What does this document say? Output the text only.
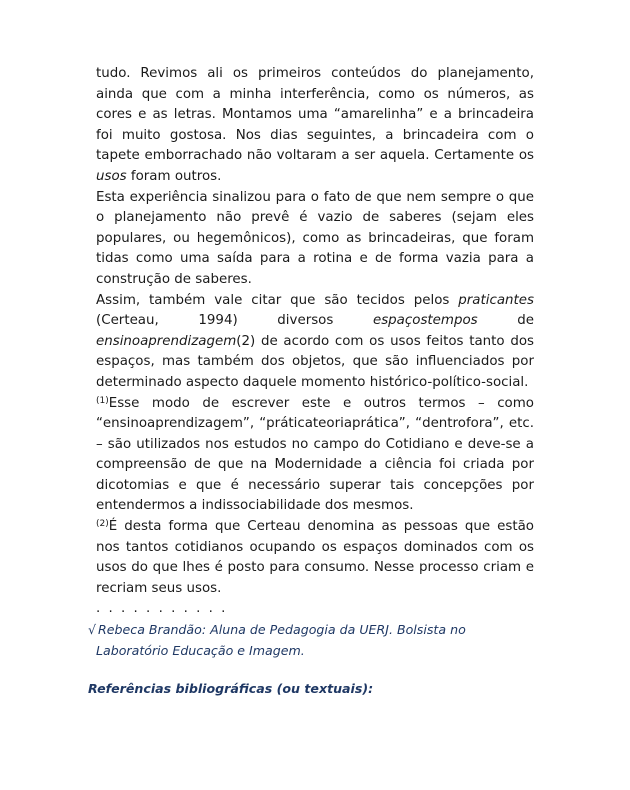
tudo. Revimos ali os primeiros conteúdos do planejamento, ainda que com a minha interferência, como os números, as cores e as letras. Montamos uma “amarelinha” e a brincadeira foi muito gostosa. Nos dias seguintes, a brincadeira com o tapete emborrachado não voltaram a ser aquela. Certamente os usos foram outros.

Esta experiência sinalizou para o fato de que nem sempre o que o planejamento não prevê é vazio de saberes (sejam eles populares, ou hegemônicos), como as brincadeiras, que foram tidas como uma saída para a rotina e de forma vazia para a construção de saberes.

Assim, também vale citar que são tecidos pelos praticantes (Certeau, 1994) diversos espaçostempos de ensinoaprendizagem(2) de acordo com os usos feitos tanto dos espaços, mas também dos objetos, que são influenciados por determinado aspecto daquele momento histórico-político-social.

$^{(1)}$Esse modo de escrever este e outros termos – como “ensinoaprendizagem”, “práticateoriaprática”, “dentrofora”, etc. – são utilizados nos estudos no campo do Cotidiano e deve-se a compreensão de que na Modernidade a ciência foi criada por dicotomias e que é necessário superar tais concepções por entendermos a indissociabilidade dos mesmos.

$^{(2)}$É desta forma que Certeau denomina as pessoas que estão nos tantos cotidianos ocupando os espaços dominados com os usos do que lhes é posto para consumo. Nesse processo criam e recriam seus usos.

. . . . . . . . . . .

√ Rebeca Brandão: Aluna de Pedagogia da UERJ. Bolsista no
Laboratório Educação e Imagem.
Referências bibliográficas (ou textuais):
